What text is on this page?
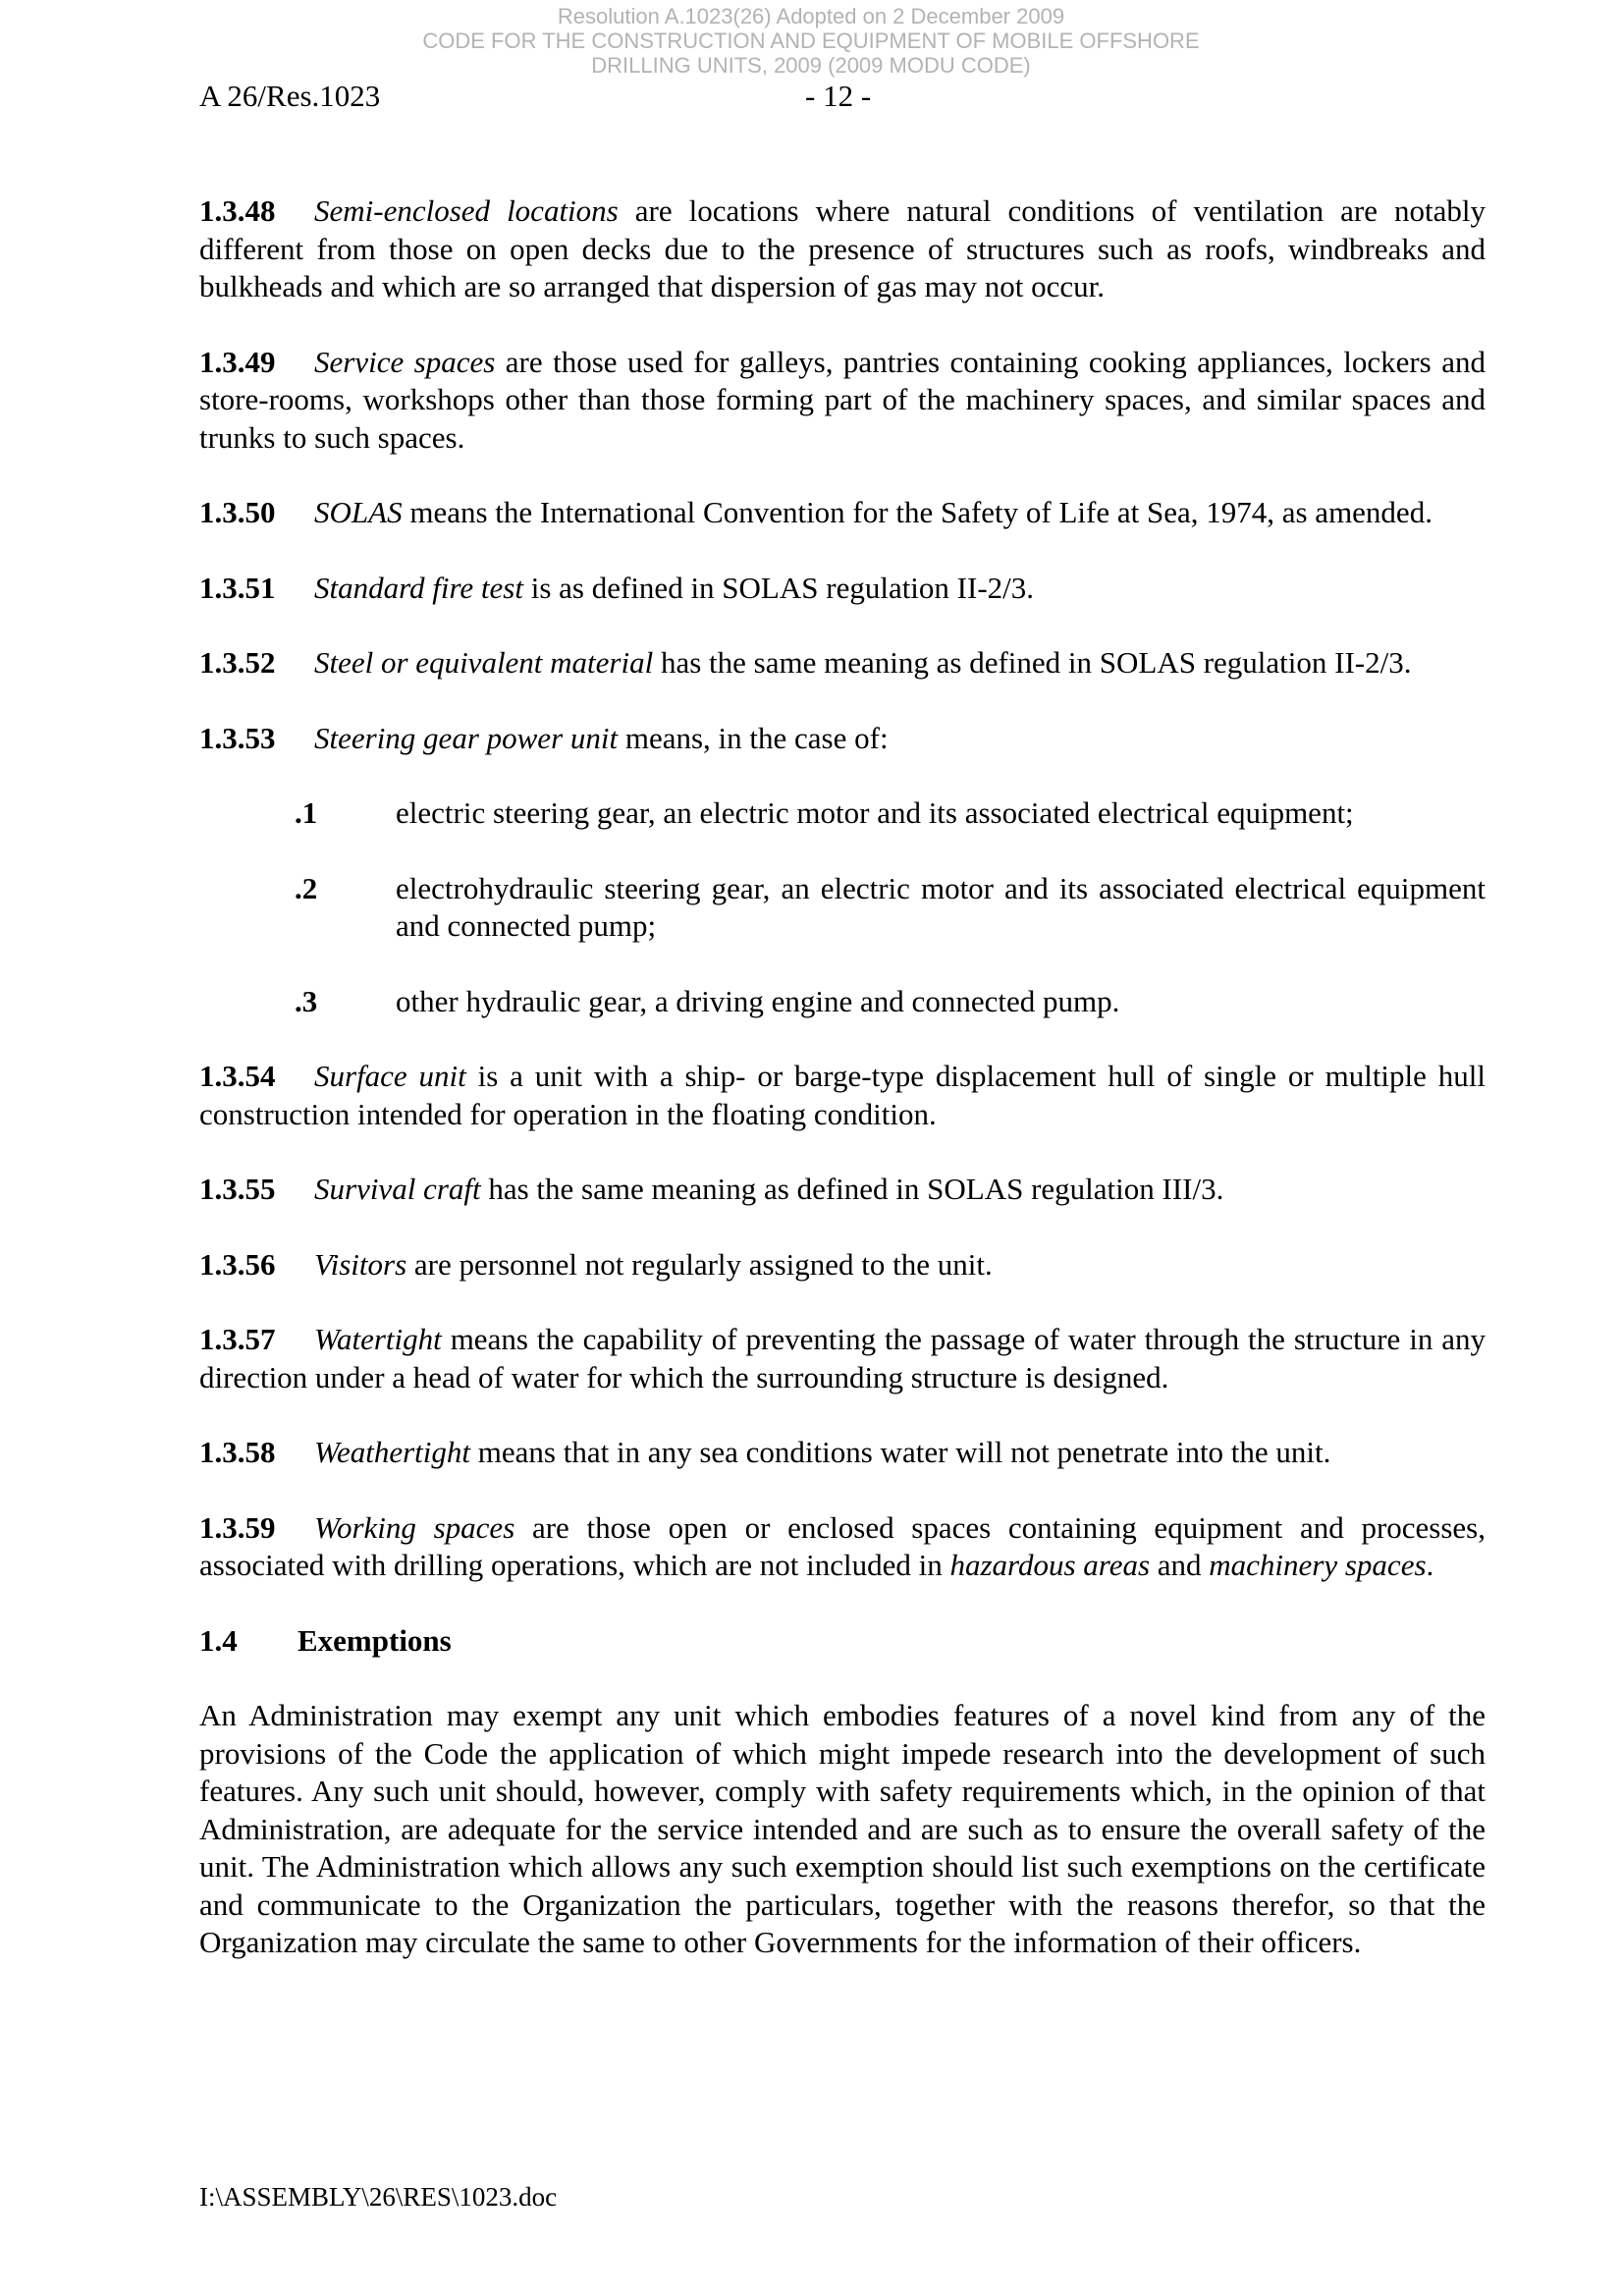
Resolution A.1023(26) Adopted on 2 December 2009
CODE FOR THE CONSTRUCTION AND EQUIPMENT OF MOBILE OFFSHORE
DRILLING UNITS, 2009 (2009 MODU CODE)
A 26/Res.1023	- 12 -

1.3.48 Semi-enclosed locations are locations where natural conditions of ventilation are notably different from those on open decks due to the presence of structures such as roofs, windbreaks and bulkheads and which are so arranged that dispersion of gas may not occur.

1.3.49 Service spaces are those used for galleys, pantries containing cooking appliances, lockers and store-rooms, workshops other than those forming part of the machinery spaces, and similar spaces and trunks to such spaces.

1.3.50 SOLAS means the International Convention for the Safety of Life at Sea, 1974, as amended.

1.3.51 Standard fire test is as defined in SOLAS regulation II-2/3.

1.3.52 Steel or equivalent material has the same meaning as defined in SOLAS regulation II-2/3.

1.3.53 Steering gear power unit means, in the case of:

.1	electric steering gear, an electric motor and its associated electrical equipment;
.2	electrohydraulic steering gear, an electric motor and its associated electrical equipment and connected pump;
.3	other hydraulic gear, a driving engine and connected pump.

1.3.54 Surface unit is a unit with a ship- or barge-type displacement hull of single or multiple hull construction intended for operation in the floating condition.

1.3.55 Survival craft has the same meaning as defined in SOLAS regulation III/3.

1.3.56 Visitors are personnel not regularly assigned to the unit.

1.3.57 Watertight means the capability of preventing the passage of water through the structure in any direction under a head of water for which the surrounding structure is designed.

1.3.58 Weathertight means that in any sea conditions water will not penetrate into the unit.

1.3.59 Working spaces are those open or enclosed spaces containing equipment and processes, associated with drilling operations, which are not included in hazardous areas and machinery spaces.

1.4 Exemptions

An Administration may exempt any unit which embodies features of a novel kind from any of the provisions of the Code the application of which might impede research into the development of such features. Any such unit should, however, comply with safety requirements which, in the opinion of that Administration, are adequate for the service intended and are such as to ensure the overall safety of the unit. The Administration which allows any such exemption should list such exemptions on the certificate and communicate to the Organization the particulars, together with the reasons therefor, so that the Organization may circulate the same to other Governments for the information of their officers.

I:\ASSEMBLY\26\RES\1023.doc
